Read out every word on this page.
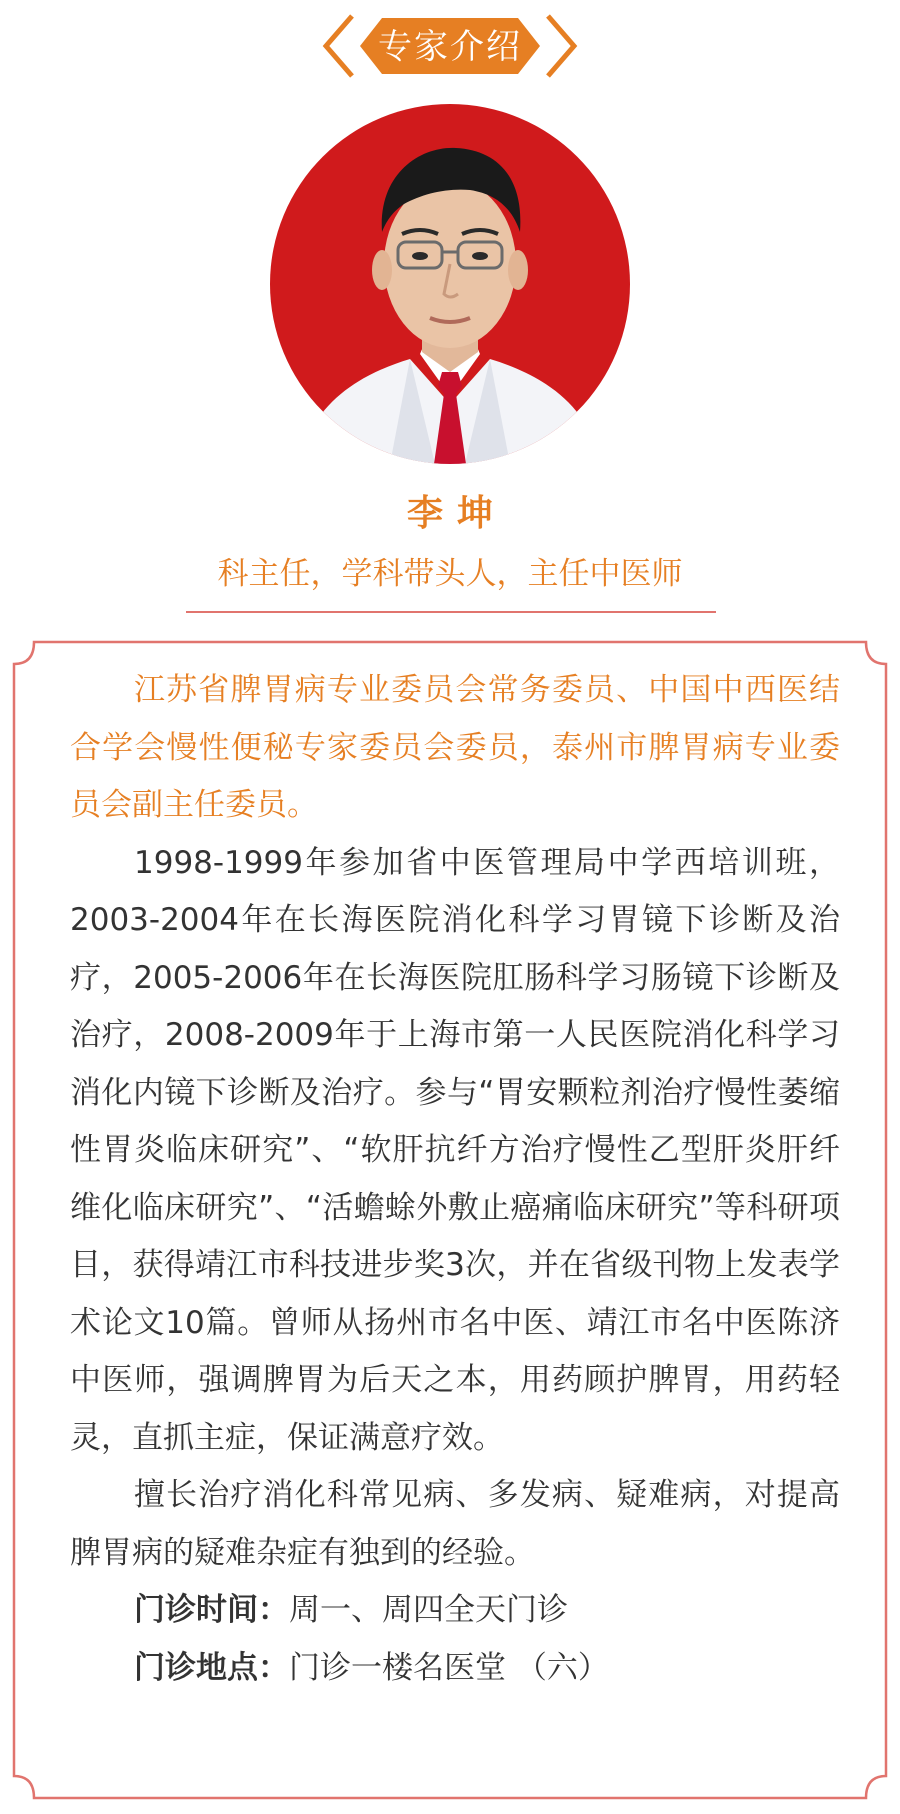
专家介绍
李坤
科主任，学科带头人，主任中医师

江苏省脾胃病专业委员会常务委员、中国中西医结合学会慢性便秘专家委员会委员，泰州市脾胃病专业委员会副主任委员。

1998-1999年参加省中医管理局中学西培训班，2003-2004年在长海医院消化科学习胃镜下诊断及治疗，2005-2006年在长海医院肛肠科学习肠镜下诊断及治疗，2008-2009年于上海市第一人民医院消化科学习消化内镜下诊断及治疗。参与“胃安颗粒剂治疗慢性萎缩性胃炎临床研究”、“软肝抗纤方治疗慢性乙型肝炎肝纤维化临床研究”、“活蟾蜍外敷止癌痛临床研究”等科研项目，获得靖江市科技进步奖3次，并在省级刊物上发表学术论文10篇。曾师从扬州市名中医、靖江市名中医陈济中医师，强调脾胃为后天之本，用药顾护脾胃，用药轻灵，直抓主症，保证满意疗效。

擅长治疗消化科常见病、多发病、疑难病，对提高脾胃病的疑难杂症有独到的经验。

门诊时间：周一、周四全天门诊
门诊地点：门诊一楼名医堂 （六）
